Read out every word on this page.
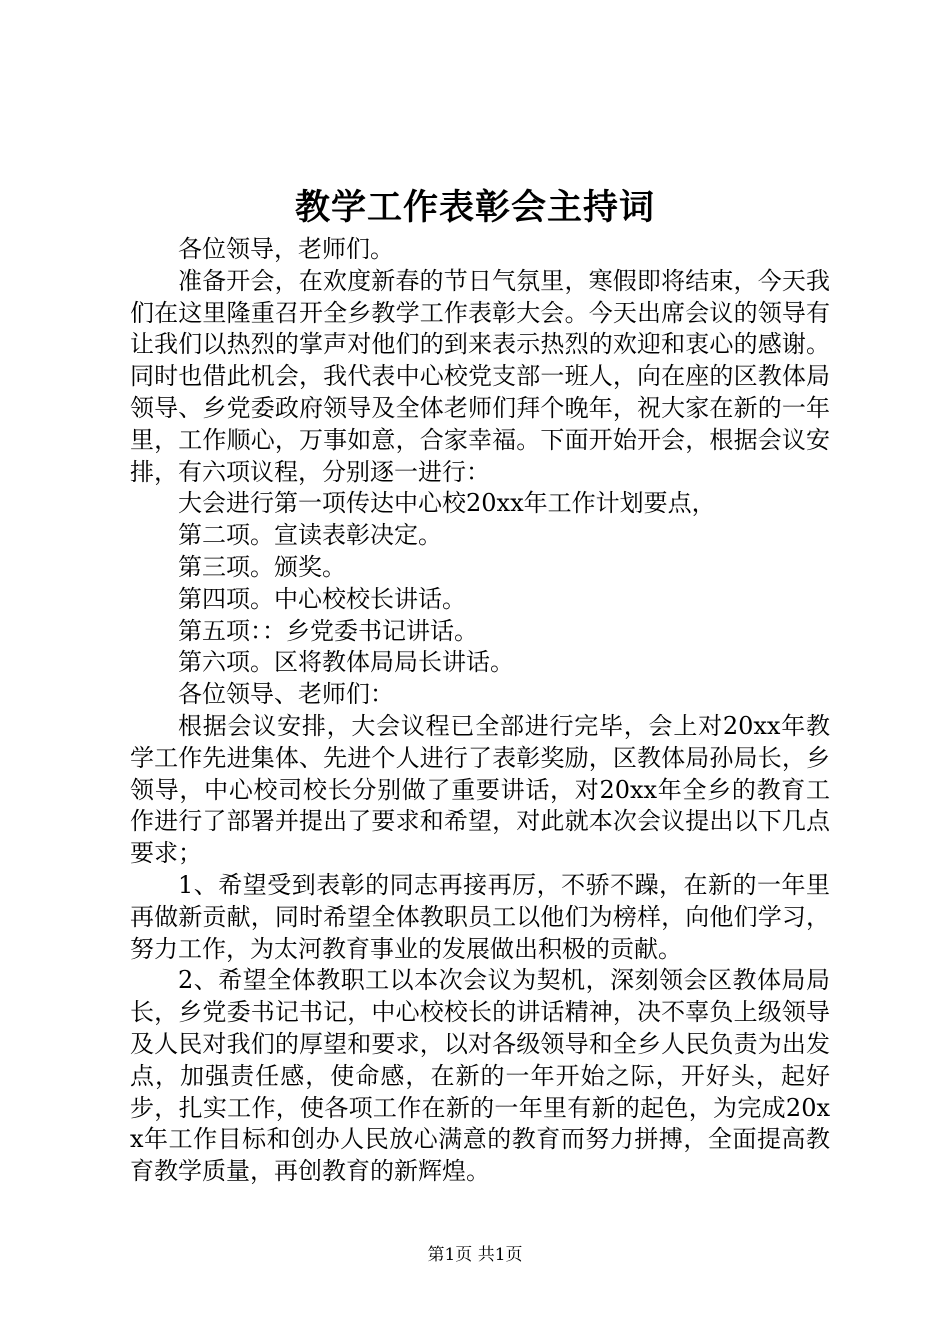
教学工作表彰会主持词

各位领导，老师们。

准备开会，在欢度新春的节日气氛里，寒假即将结束，今天我们在这里隆重召开全乡教学工作表彰大会。今天出席会议的领导有让我们以热烈的掌声对他们的到来表示热烈的欢迎和衷心的感谢。同时也借此机会，我代表中心校党支部一班人，向在座的区教体局领导、乡党委政府领导及全体老师们拜个晚年，祝大家在新的一年里，工作顺心，万事如意，合家幸福。下面开始开会，根据会议安排，有六项议程，分别逐一进行：

大会进行第一项传达中心校20xx年工作计划要点，

第二项。宣读表彰决定。

第三项。颁奖。

第四项。中心校校长讲话。

第五项：：乡党委书记讲话。

第六项。区将教体局局长讲话。

各位领导、老师们：

根据会议安排，大会议程已全部进行完毕，会上对20xx年教学工作先进集体、先进个人进行了表彰奖励，区教体局孙局长，乡领导，中心校司校长分别做了重要讲话，对20xx年全乡的教育工作进行了部署并提出了要求和希望，对此就本次会议提出以下几点要求；

1、希望受到表彰的同志再接再厉，不骄不躁，在新的一年里再做新贡献，同时希望全体教职员工以他们为榜样，向他们学习，努力工作，为太河教育事业的发展做出积极的贡献。

2、希望全体教职工以本次会议为契机，深刻领会区教体局局长，乡党委书记书记，中心校校长的讲话精神，决不辜负上级领导及人民对我们的厚望和要求，以对各级领导和全乡人民负责为出发点，加强责任感，使命感，在新的一年开始之际，开好头，起好步，扎实工作，使各项工作在新的一年里有新的起色，为完成20xx年工作目标和创办人民放心满意的教育而努力拼搏，全面提高教育教学质量，再创教育的新辉煌。

第1页 共1页
